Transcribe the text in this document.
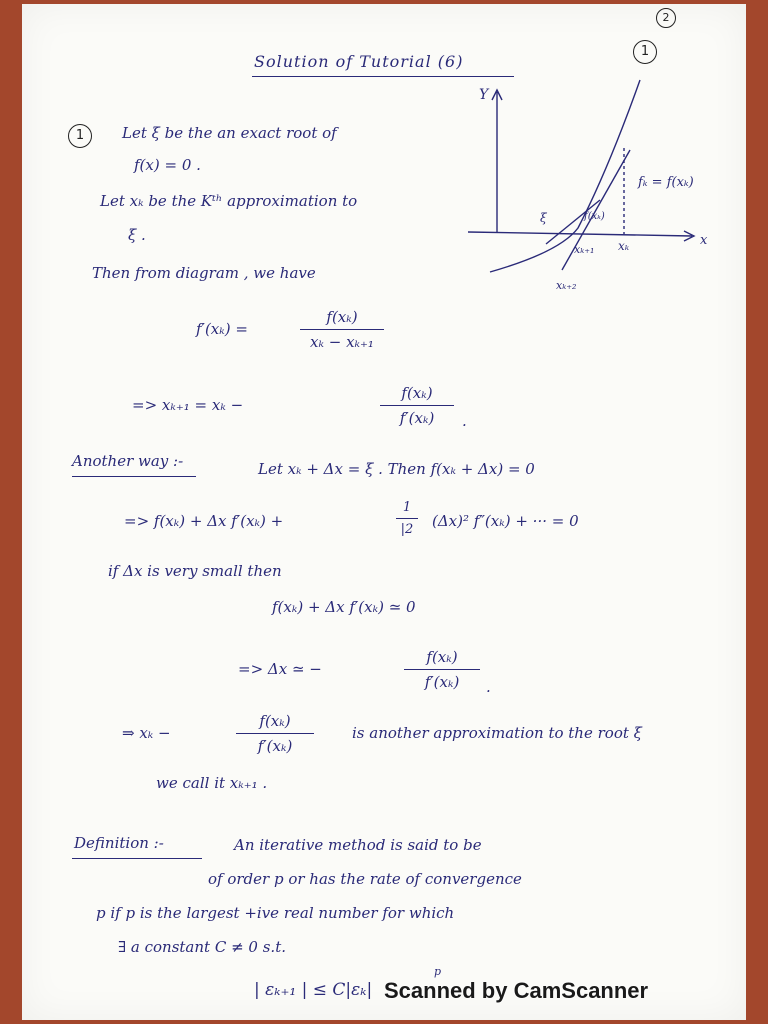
2
Solution of Tutorial (6)
1
Y
x
ξ	f(xₖ)
xₖ
xₖ₊₁
xₖ₊₂
fₖ = f(xₖ)
1	Let ξ be the an exact root of
f(x) = 0 .
Let xₖ be the Kᵗʰ approximation to
ξ .
Then from diagram , we have
f′(xₖ) =
f(xₖ)
xₖ − xₖ₊₁
=> xₖ₊₁ = xₖ −
f(xₖ)
f′(xₖ)	.
Another way :-	Let xₖ + Δx = ξ . Then f(xₖ + Δx) = 0
=> f(xₖ) + Δx f′(xₖ) +
1
|2	(Δx)² f″(xₖ) + ··· = 0
if Δx is very small then
f(xₖ) + Δx f′(xₖ) ≃ 0
=> Δx ≃ −
f(xₖ)
f′(xₖ)	.
⇒ xₖ −
f(xₖ)
f′(xₖ)
is another approximation to the root ξ
we call it xₖ₊₁ .
Definition :-	An iterative method is said to be
of order p or has the rate of convergence
p if p is the largest +ive real number for which
∃ a constant C ≠ 0 s.t.
| εₖ₊₁ | ≤ C|εₖ|
p
Scanned by CamScanner
